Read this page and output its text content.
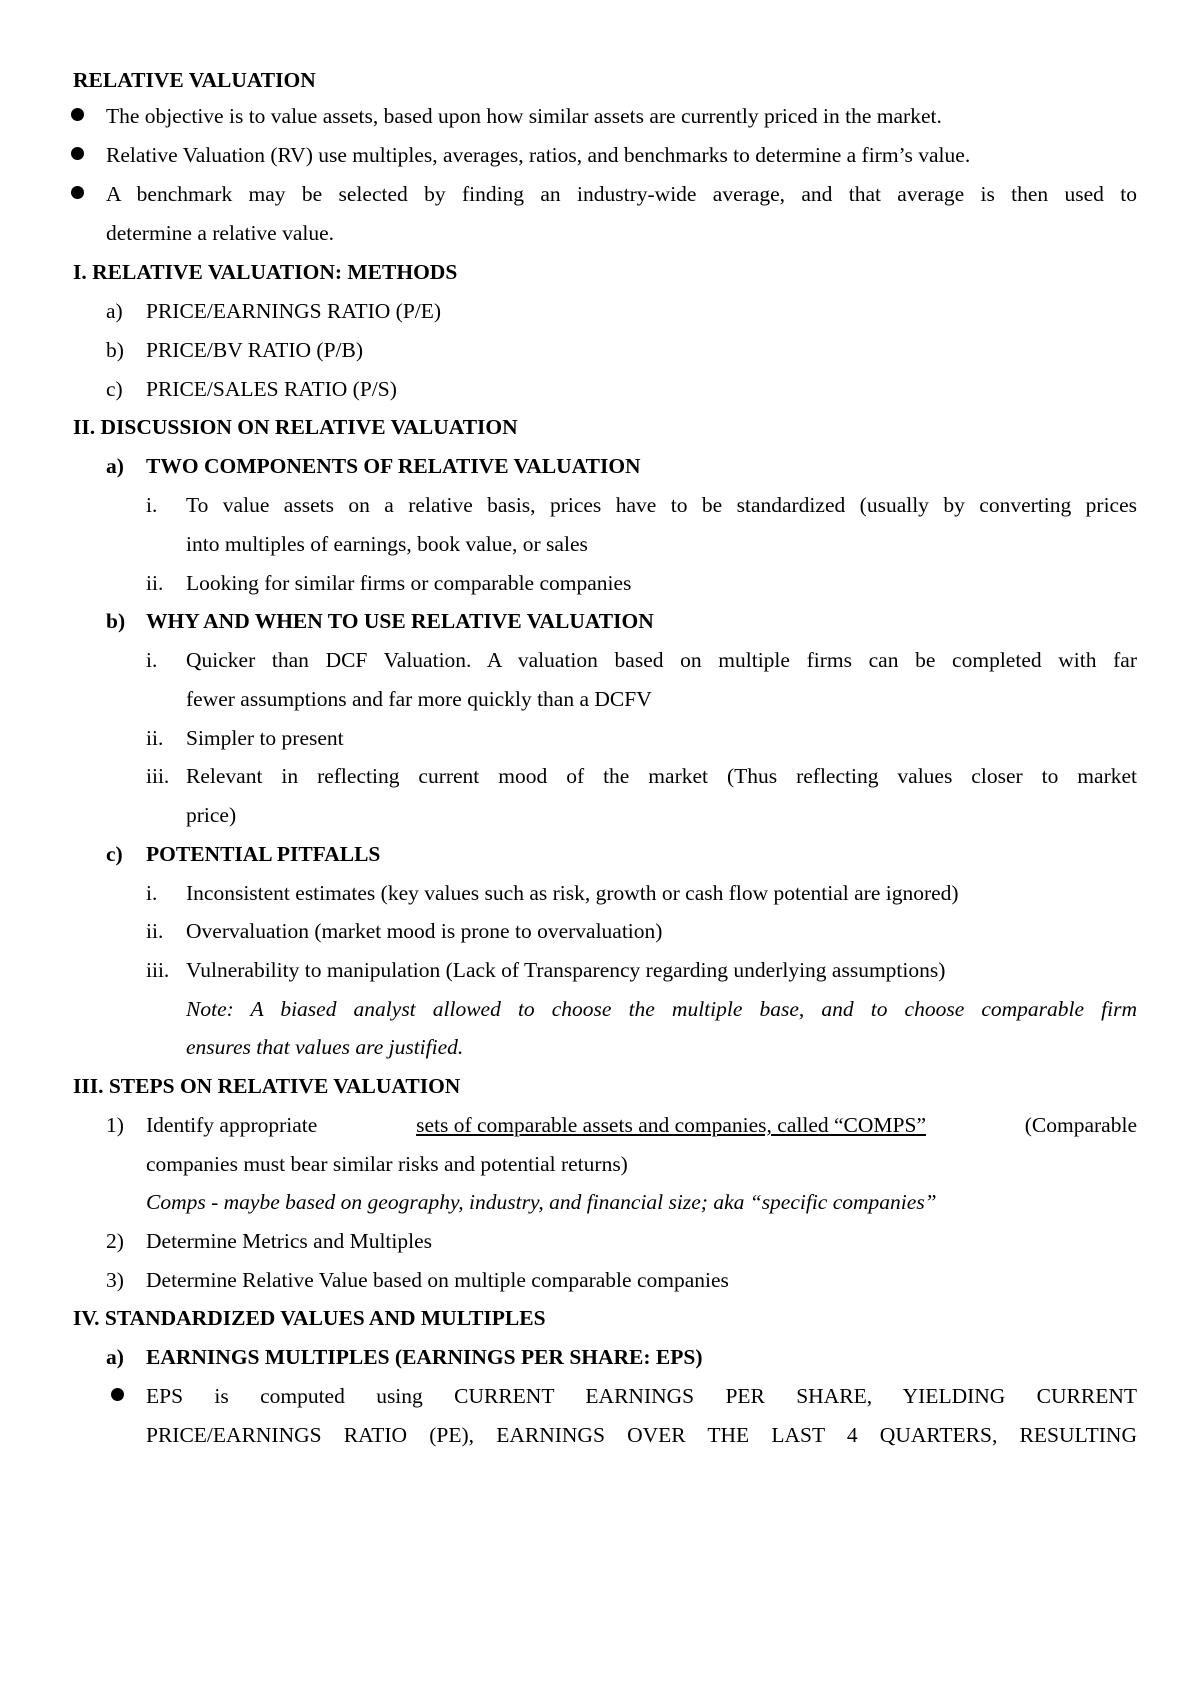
RELATIVE VALUATION
The objective is to value assets, based upon how similar assets are currently priced in the market.
Relative Valuation (RV) use multiples, averages, ratios, and benchmarks to determine a firm’s value.
A benchmark may be selected by finding an industry-wide average, and that average is then used to
determine a relative value.
I. RELATIVE VALUATION: METHODS
a) PRICE/EARNINGS RATIO (P/E)
b) PRICE/BV RATIO (P/B)
c) PRICE/SALES RATIO (P/S)
II. DISCUSSION ON RELATIVE VALUATION
a) TWO COMPONENTS OF RELATIVE VALUATION
i. To value assets on a relative basis, prices have to be standardized (usually by converting prices
into multiples of earnings, book value, or sales
ii. Looking for similar firms or comparable companies
b) WHY AND WHEN TO USE RELATIVE VALUATION
i. Quicker than DCF Valuation. A valuation based on multiple firms can be completed with far
fewer assumptions and far more quickly than a DCFV
ii. Simpler to present
iii. Relevant in reflecting current mood of the market (Thus reflecting values closer to market
price)
c) POTENTIAL PITFALLS
i. Inconsistent estimates (key values such as risk, growth or cash flow potential are ignored)
ii. Overvaluation (market mood is prone to overvaluation)
iii. Vulnerability to manipulation (Lack of Transparency regarding underlying assumptions)
Note: A biased analyst allowed to choose the multiple base, and to choose comparable firm
ensures that values are justified.
III. STEPS ON RELATIVE VALUATION
1) Identify appropriate	sets of comparable assets and companies, called “COMPS”	(Comparable
companies must bear similar risks and potential returns)
Comps - maybe based on geography, industry, and financial size; aka “specific companies”
2) Determine Metrics and Multiples
3) Determine Relative Value based on multiple comparable companies
IV. STANDARDIZED VALUES AND MULTIPLES
a) EARNINGS MULTIPLES (EARNINGS PER SHARE: EPS)
EPS is computed using CURRENT EARNINGS PER SHARE, YIELDING CURRENT
PRICE/EARNINGS RATIO (PE), EARNINGS OVER THE LAST 4 QUARTERS, RESULTING
